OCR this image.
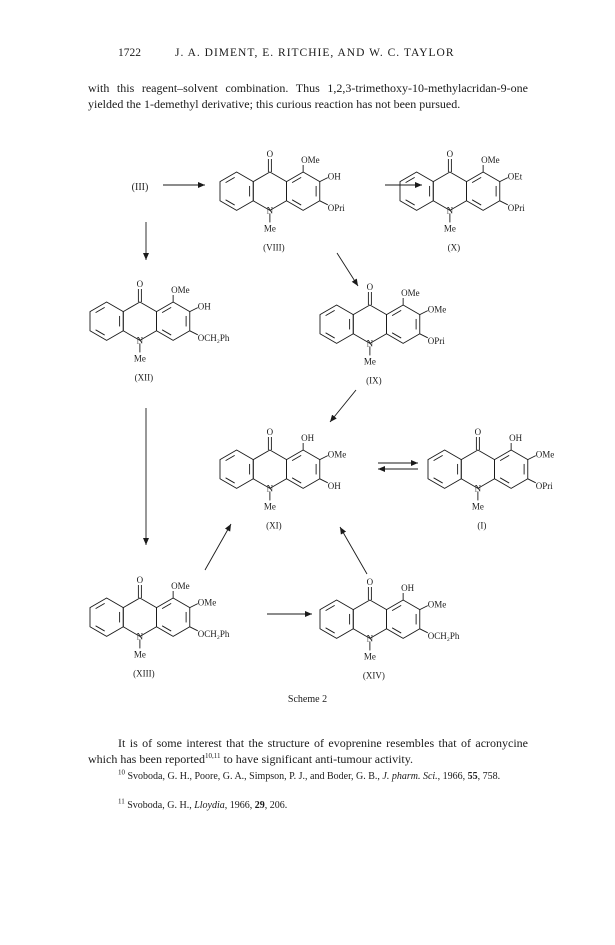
1722	J. A. DIMENT, E. RITCHIE, AND W. C. TAYLOR

with this reagent–solvent combination. Thus 1,2,3-trimethoxy-10-methylacridan-9-one yielded the 1-demethyl derivative; this curious reaction has not been pursued.

O
N
Me
OMe
OH
OPri
(VIII)
O
N
Me
OMe
OEt
OPri
(X)
O
N
Me
OMe
OH
OCH₂Ph
(XII)
O
N
Me
OMe
OMe
OPri
(IX)
O
N
Me
OH
OMe
OH
(XI)
O
N
Me
OH
OMe
OPri
(I)
O
N
Me
OMe
OMe
OCH₂Ph
(XIII)
O
N
Me
OH
OMe
OCH₂Ph
(XIV)
(III)
Scheme 2

It is of some interest that the structure of evoprenine resembles that of acronycine which has been reported$^{10,11}$ to have significant anti-tumour activity.

$^{10}$ Svoboda, G. H., Poore, G. A., Simpson, P. J., and Boder, G. B., J. pharm. Sci., 1966, 55, 758.
$^{11}$ Svoboda, G. H., Lloydia, 1966, 29, 206.
